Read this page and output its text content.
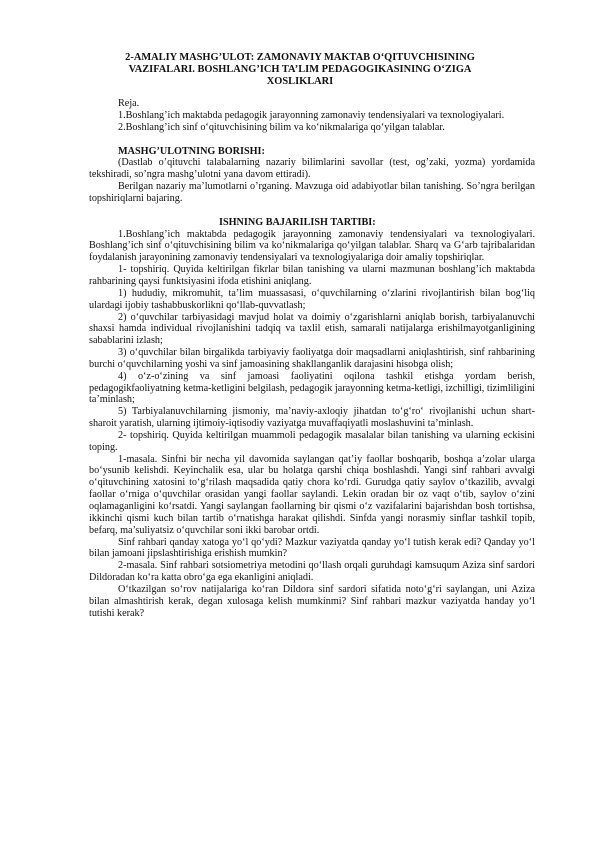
2-AMALIY MASHG’ULOT: ZAMONAVIY MAKTAB O‘QITUVCHISINING VAZIFALARI. BOSHLANG’ICH TA’LIM PEDAGOGIKASINING O‘ZIGA XOSLIKLARI

Reja.

1.Boshlang’ich maktabda pedagogik jarayonning zamonaviy tendensiyalari va texnologiyalari.

2.Boshlang’ich sinf o‘qituvchisining bilim va ko‘nikmalariga qo‘yilgan talablar.

MASHG’ULOTNING BORISHI:

(Dastlab o’qituvchi talabalarning nazariy bilimlarini savollar (test, og’zaki, yozma) yordamida tekshiradi, so’ngra mashg’ulotni yana davom ettiradi).

Berilgan nazariy ma’lumotlarni o’rganing. Mavzuga oid adabiyotlar bilan tanishing. So’ngra berilgan topshiriqlarni bajaring.

ISHNING BAJARILISH TARTIBI:

1.Boshlang’ich maktabda pedagogik jarayonning zamonaviy tendensiyalari va texnologiyalari. Boshlang’ich sinf o‘qituvchisining bilim va ko‘nikmalariga qo‘yilgan talablar. Sharq va G‘arb tajribalaridan foydalanish jarayonining zamonaviy tendensiyalari va texnologiyalariga doir amaliy topshiriqlar.

1- topshiriq. Quyida keltirilgan fikrlar bilan tanishing va ularni mazmunan boshlang’ich maktabda rahbarining qaysi funktsiyasini ifoda etishini aniqlang.

1) hududiy, mikromuhit, ta’lim muassasasi, o‘quvchilarning o‘zlarini rivojlantirish bilan bog‘liq ulardagi ijobiy tashabbuskorlikni qo‘llab-quvvatlash;

2) o‘quvchilar tarbiyasidagi mavjud holat va doimiy o‘zgarishlarni aniqlab borish, tarbiyalanuvchi shaxsi hamda individual rivojlanishini tadqiq va taxlil etish, samarali natijalarga erishilmayotganligining sabablarini izlash;

3) o‘quvchilar bilan birgalikda tarbiyaviy faoliyatga doir maqsadlarni aniqlashtirish, sinf rahbarining burchi o‘quvchilarning yoshi va sinf jamoasining shakllanganlik darajasini hisobga olish;

4) o‘z-o‘zining va sinf jamoasi faoliyatini oqilona tashkil etishga yordam berish, pedagogikfaoliyatning ketma-ketligini belgilash, pedagogik jarayonning ketma-ketligi, izchilligi, tizimliligini ta’minlash;

5) Tarbiyalanuvchilarning jismoniy, ma’naviy-axloqiy jihatdan to‘g‘ro‘ rivojlanishi uchun shart-sharoit yaratish, ularning ijtimoiy-iqtisodiy vaziyatga muvaffaqiyatli moslashuvini ta’minlash.

2- topshiriq. Quyida keltirilgan muammoli pedagogik masalalar bilan tanishing va ularning eckisini toping.

1-masala. Sinfni bir necha yil davomida saylangan qat’iy faollar boshqarib, boshqa a’zolar ularga bo‘ysunib kelishdi. Keyinchalik esa, ular bu holatga qarshi chiqa boshlashdi. Yangi sinf rahbari avvalgi o‘qituvchining xatosini to‘g‘rilash maqsadida qatiy chora ko‘rdi. Gurudga qatiy saylov o‘tkazilib, avvalgi faollar o‘rniga o‘quvchilar orasidan yangi faollar saylandi. Lekin oradan bir oz vaqt o‘tib, saylov o‘zini oqlamaganligini ko‘rsatdi. Yangi saylangan faollarning bir qismi o‘z vazifalarini bajarishdan bosh tortishsa, ikkinchi qismi kuch bilan tartib o‘rnatishga harakat qilishdi. Sinfda yangi norasmiy sinflar tashkil topib, befarq, ma’suliyatsiz o‘quvchilar soni ikki barobar ortdi.

Sinf rahbari qanday xatoga yo‘l qo‘ydi? Mazkur vaziyatda qanday yo‘l tutish kerak edi? Qanday yo‘l bilan jamoani jipslashtirishiga erishish mumkin?

2-masala. Sinf rahbari sotsiometriya metodini qo‘llash orqali guruhdagi kamsuqum Aziza sinf sardori Dildoradan ko‘ra katta obro‘ga ega ekanligini aniqladi.

O‘tkazilgan so‘rov natijalariga ko‘ran Dildora sinf sardori sifatida noto‘g‘ri saylangan, uni Aziza bilan almashtirish kerak, degan xulosaga kelish mumkinmi? Sinf rahbari mazkur vaziyatda handay yo‘l tutishi kerak?
